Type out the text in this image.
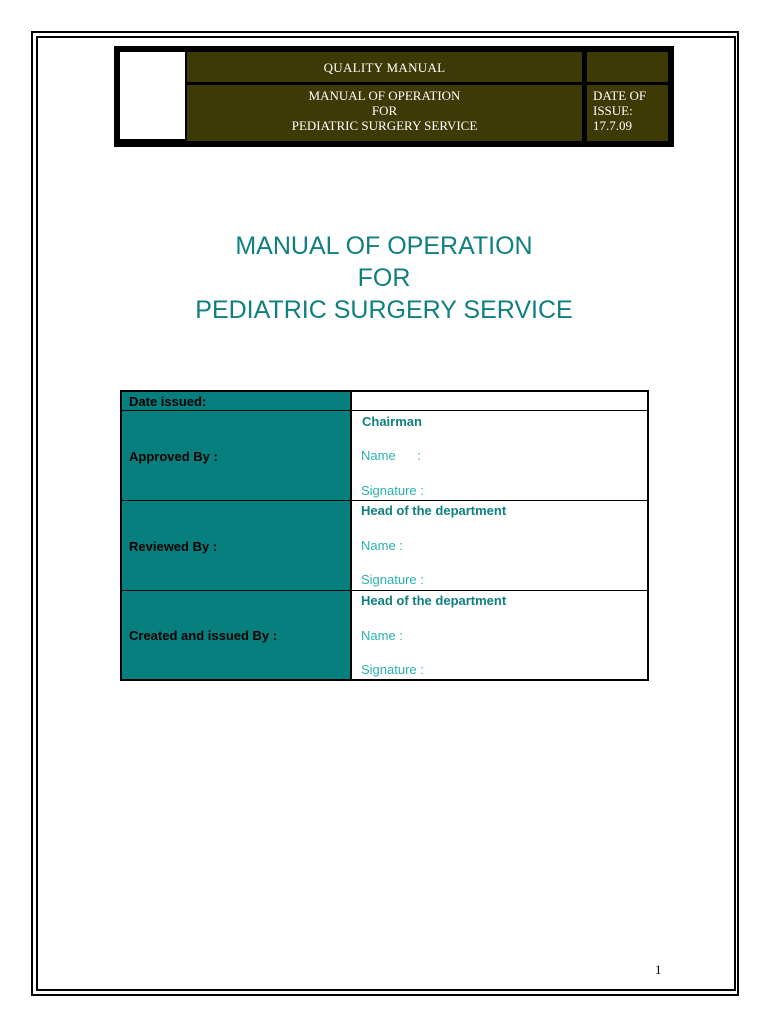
QUALITY MANUAL
MANUAL OF OPERATION
FOR
PEDIATRIC SURGERY SERVICE
DATE OF
ISSUE:
17.7.09
MANUAL OF OPERATION
FOR
PEDIATRIC SURGERY SERVICE
Date issued:
Approved By :
Chairman
Name      :
Signature :
Reviewed By :
Head of the department
Name :
Signature :
Created and issued By :
Head of the department
Name :
Signature :
1
